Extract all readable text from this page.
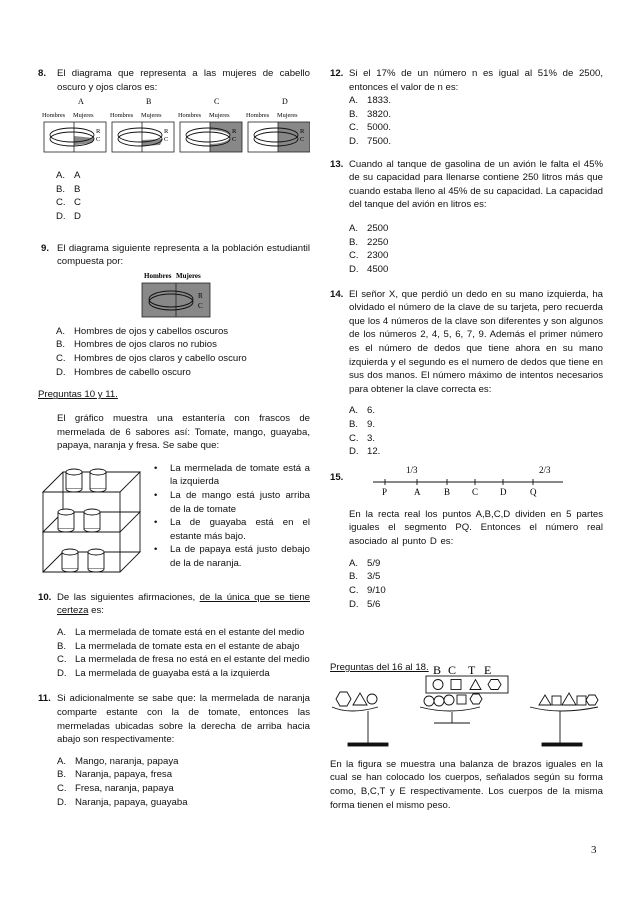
8.	El diagrama que representa a las mujeres de cabello oscuro y ojos claros es:
A
Hombres Mujeres
R
C
B
Hombres Mujeres
R
C
C
Hombres Mujeres
R
C
D
Hombres Mujeres
R
C
A. A
B. B
C. C
D. D
9. El diagrama siguiente representa a la población estudiantil compuesta por:
Hombres Mujeres
R
C
A. Hombres de ojos y cabellos oscuros
B. Hombres de ojos claros no rubios
C. Hombres de ojos claros y cabello oscuro
D. Hombres de cabello oscuro
Preguntas 10 y 11.
El gráfico muestra una estantería con frascos de mermelada de 6 sabores así: Tomate, mango, guayaba, papaya, naranja y fresa. Se sabe que:
•	La mermelada de tomate está a la izquierda
•	La de mango está justo arriba de la de tomate
•	La de guayaba está en el estante más bajo.
•	La de papaya está justo debajo de la de naranja.
10. De las siguientes afirmaciones, de la única que se tiene certeza es:
A. La mermelada de tomate está en el estante del medio
B. La mermelada de tomate esta en el estante de abajo
C. La mermelada de fresa no está en el estante del medio
D. La mermelada de guayaba está a la izquierda
11. Si adicionalmente se sabe que: la mermelada de naranja comparte estante con la de tomate, entonces las mermeladas ubicadas sobre la derecha de arriba hacia abajo son respectivamente:
A. Mango, naranja, papaya
B. Naranja, papaya, fresa
C. Fresa, naranja, papaya
D. Naranja, papaya, guayaba
12. Si el 17% de un número n es igual al 51% de 2500, entonces el valor de n es:
A. 1833.
B. 3820.
C. 5000.
D. 7500.
13. Cuando al tanque de gasolina de un avión le falta el 45% de su capacidad para llenarse contiene 250 litros más que cuando estaba lleno al 45% de su capacidad. La capacidad del tanque del avión en litros es:
A. 2500
B. 2250
C. 2300
D. 4500
14. El señor X, que perdió un dedo en su mano izquierda, ha olvidado el número de la clave de su tarjeta, pero recuerda que los 4 números de la clave son diferentes y son algunos de los números 2, 4, 5, 6, 7, 9. Además el primer número es el número de dedos que tiene ahora en su mano izquierda y el segundo es el numero de dedos que tiene en sus dos manos. El número máximo de intentos necesarios para obtener la clave correcta es:
A. 6.
B. 9.
C. 3.
D. 12.
15.
1/3	2/3
P	A	B C D	Q
En la recta real los puntos A,B,C,D dividen en 5 partes iguales el segmento PQ. Entonces el número real asociado al punto D es:
A. 5/9
B. 3/5
C. 9/10
D. 5/6
Preguntas del 16 al 18. B C T E
En la figura se muestra una balanza de brazos iguales en la cual se han colocado los cuerpos, señalados según su forma como, B,C,T y E respectivamente. Los cuerpos de la misma forma tienen el mismo peso.
3
